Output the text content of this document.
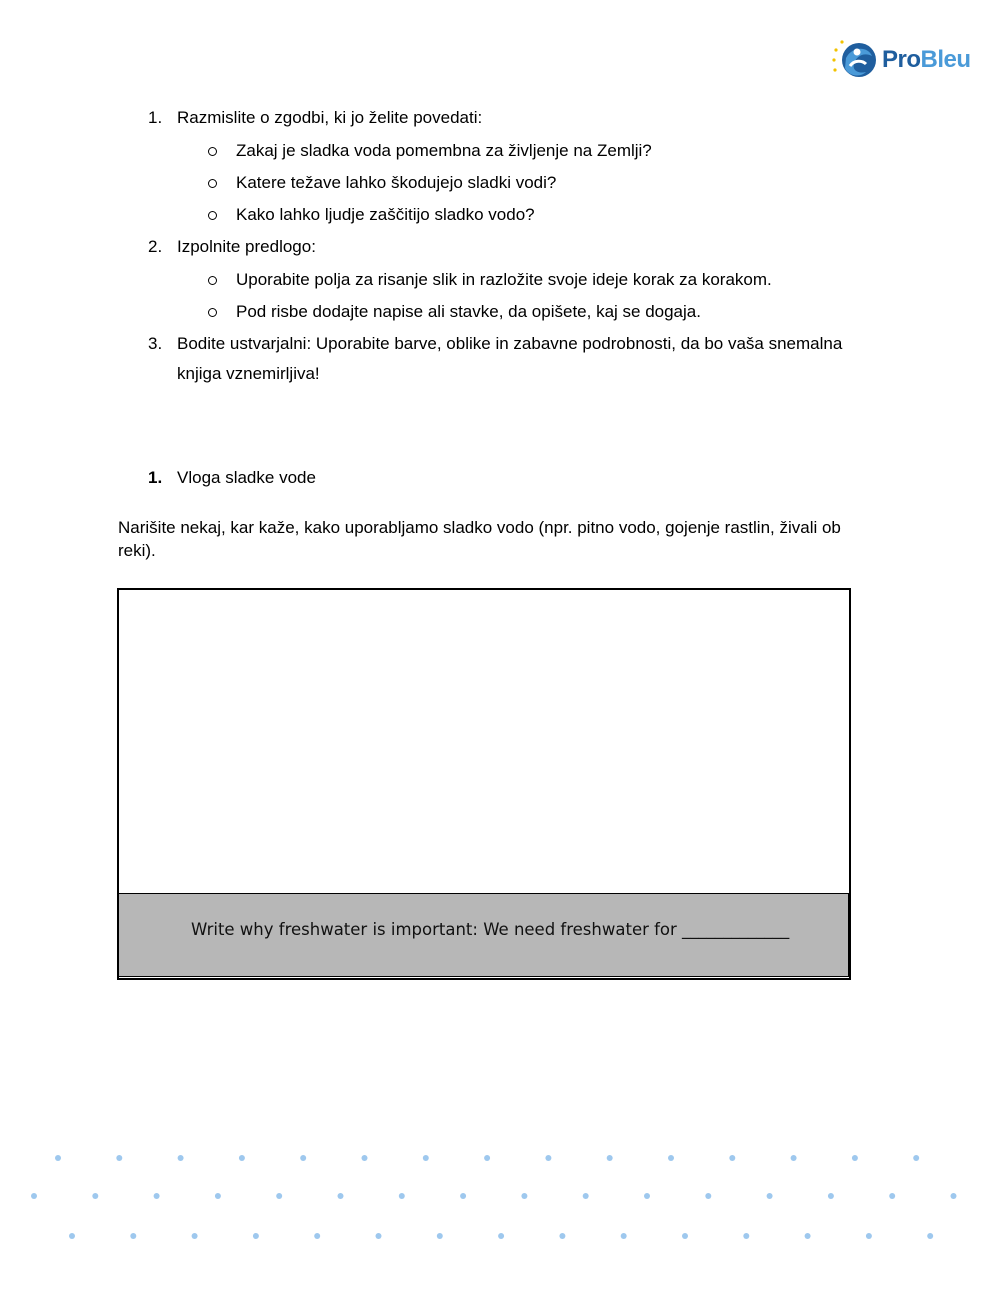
ProBleu
1. Razmislite o zgodbi, ki jo želite povedati:
Zakaj je sladka voda pomembna za življenje na Zemlji?
Katere težave lahko škodujejo sladki vodi?
Kako lahko ljudje zaščitijo sladko vodo?
2. Izpolnite predlogo:
Uporabite polja za risanje slik in razložite svoje ideje korak za korakom.
Pod risbe dodajte napise ali stavke, da opišete, kaj se dogaja.
3. Bodite ustvarjalni: Uporabite barve, oblike in zabavne podrobnosti, da bo vaša snemalna knjiga vznemirljiva!
1. Vloga sladke vode
Narišite nekaj, kar kaže, kako uporabljamo sladko vodo (npr. pitno vodo, gojenje rastlin, živali ob reki).
Write why freshwater is important: We need freshwater for _____________
